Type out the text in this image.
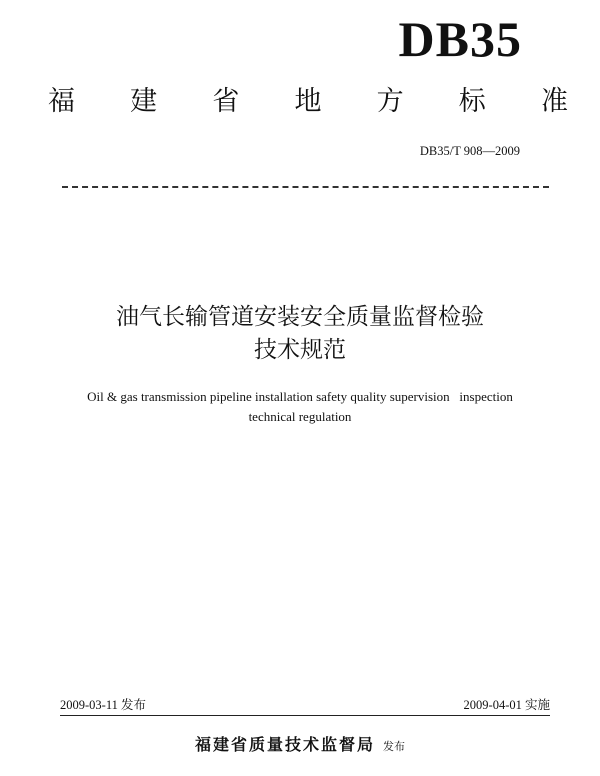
DB35
福 建 省 地 方 标 准
DB35/T 908—2009
油气长输管道安装安全质量监督检验
技术规范
Oil & gas transmission pipeline installation safety quality supervision   inspection
technical regulation
2009-03-11 发布	2009-04-01 实施
福建省质量技术监督局 发布
